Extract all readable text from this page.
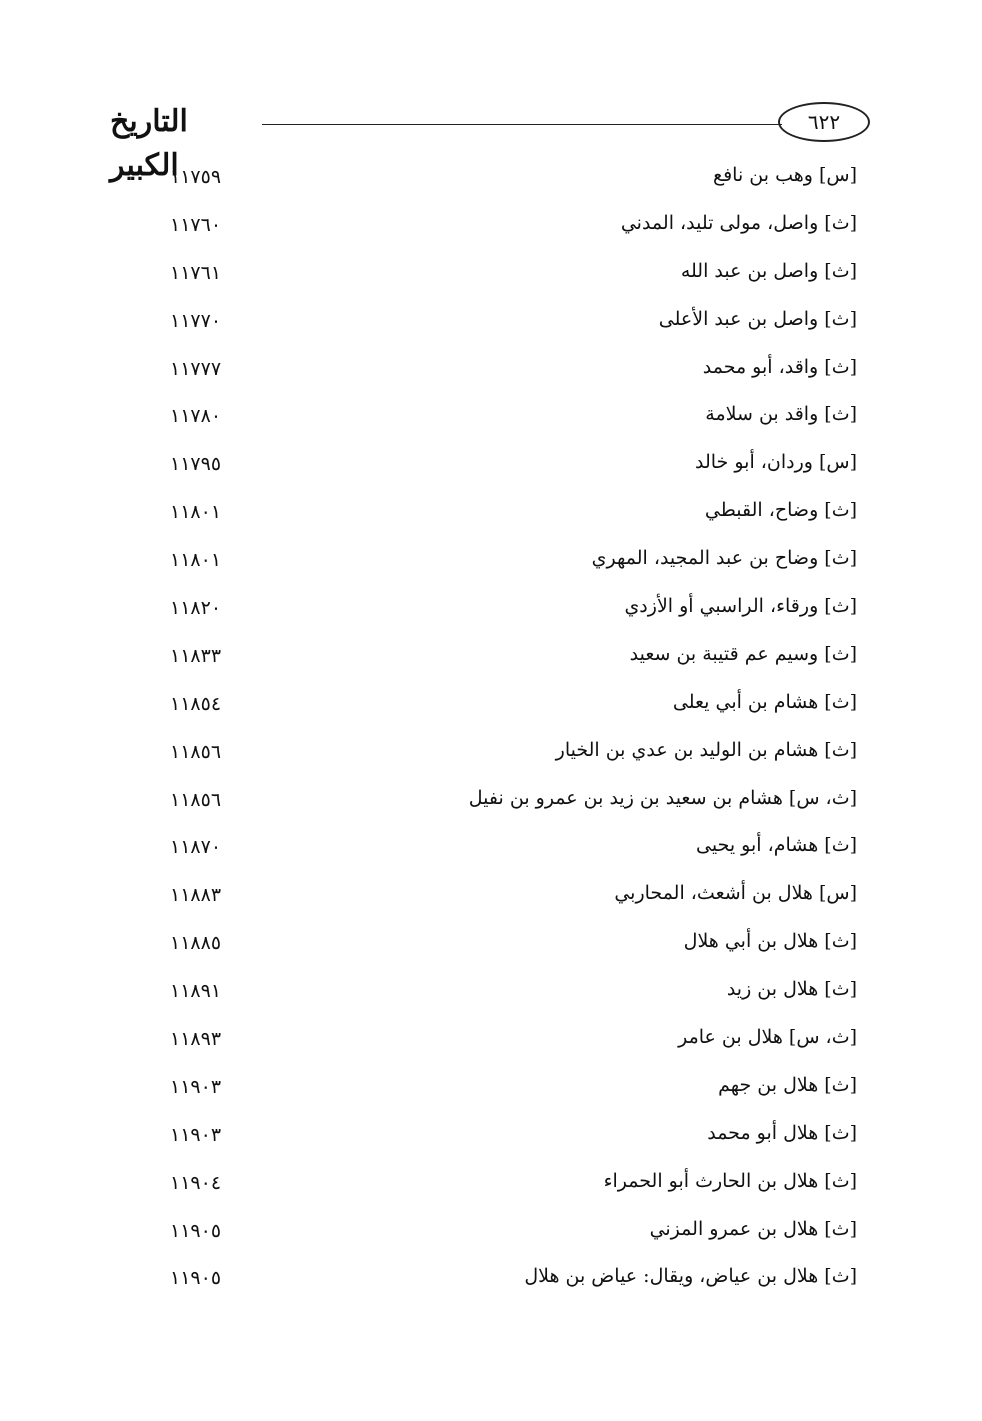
التاريخ الكبير
٦٢٢
[س] وهب بن نافع
١١٧٥٩
[ث] واصل، مولى تليد، المدني
١١٧٦٠
[ث] واصل بن عبد الله
١١٧٦١
[ث] واصل بن عبد الأعلى
١١٧٧٠
[ث] واقد، أبو محمد
١١٧٧٧
[ث] واقد بن سلامة
١١٧٨٠
[س] وردان، أبو خالد
١١٧٩٥
[ث] وضاح، القبطي
١١٨٠١
[ث] وضاح بن عبد المجيد، المهري
١١٨٠١
[ث] ورقاء، الراسبي أو الأزدي
١١٨٢٠
[ث] وسيم عم قتيبة بن سعيد
١١٨٣٣
[ث] هشام بن أبي يعلى
١١٨٥٤
[ث] هشام بن الوليد بن عدي بن الخيار
١١٨٥٦
[ث، س] هشام بن سعيد بن زيد بن عمرو بن نفيل
١١٨٥٦
[ث] هشام، أبو يحيى
١١٨٧٠
[س] هلال بن أشعث، المحاربي
١١٨٨٣
[ث] هلال بن أبي هلال
١١٨٨٥
[ث] هلال بن زيد
١١٨٩١
[ث، س] هلال بن عامر
١١٨٩٣
[ث] هلال بن جهم
١١٩٠٣
[ث] هلال أبو محمد
١١٩٠٣
[ث] هلال بن الحارث أبو الحمراء
١١٩٠٤
[ث] هلال بن عمرو المزني
١١٩٠٥
[ث] هلال بن عياض، ويقال: عياض بن هلال
١١٩٠٥
